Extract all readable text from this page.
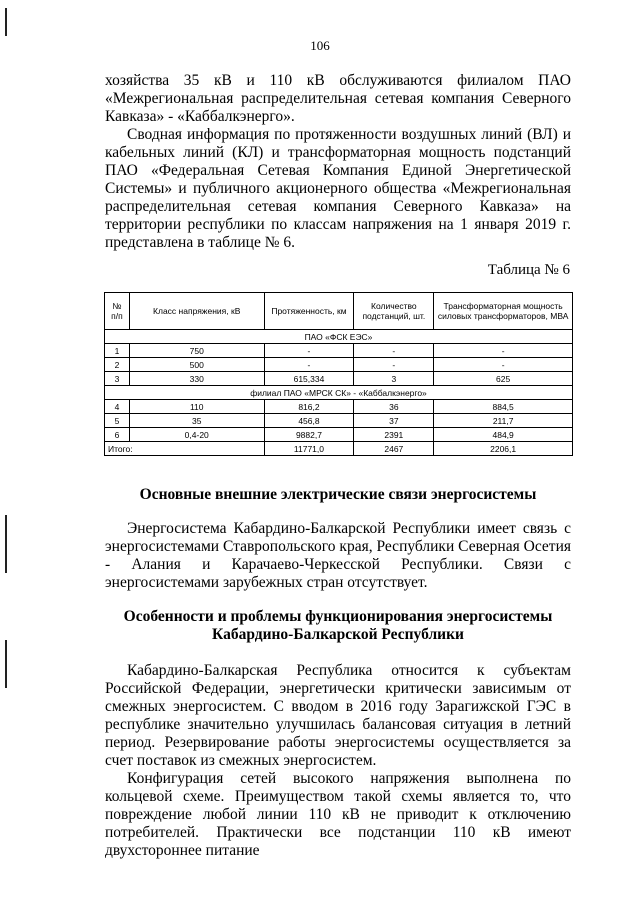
106

хозяйства 35 кВ и 110 кВ обслуживаются филиалом ПАО «Межрегиональная распределительная сетевая компания Северного Кавказа» - «Каббалкэнерго».

Сводная информация по протяженности воздушных линий (ВЛ) и кабельных линий (КЛ) и трансформаторная мощность подстанций ПАО «Федеральная Сетевая Компания Единой Энергетической Системы» и публичного акционерного общества «Межрегиональная распределительная сетевая компания Северного Кавказа» на территории республики по классам напряжения на 1 января 2019 г. представлена в таблице № 6.

Таблица № 6
№ п/п	Класс напряжения, кВ	Протяженность, км	Количество подстанций, шт.	Трансформаторная мощность силовых трансформаторов, МВА
ПАО «ФСК ЕЭС»				
1	750	-	-	-
2	500	-	-	-
3	330	615,334	3	625
филиал ПАО «МРСК СК» - «Каббалкэнерго»				
4	110	816,2	36	884,5
5	35	456,8	37	211,7
6	0,4-20	9882,7	2391	484,9
Итого:		11771,0	2467	2206,1
Основные внешние электрические связи энергосистемы

Энергосистема Кабардино-Балкарской Республики имеет связь с энергосистемами Ставропольского края, Республики Северная Осетия - Алания и Карачаево-Черкесской Республики. Связи с энергосистемами зарубежных стран отсутствует.

Особенности и проблемы функционирования энергосистемы
Кабардино-Балкарской Республики

Кабардино-Балкарская Республика относится к субъектам Российской Федерации, энергетически критически зависимым от смежных энергосистем. С вводом в 2016 году Зарагижской ГЭС в республике значительно улучшилась балансовая ситуация в летний период. Резервирование работы энергосистемы осуществляется за счет поставок из смежных энергосистем.

Конфигурация сетей высокого напряжения выполнена по кольцевой схеме. Преимуществом такой схемы является то, что повреждение любой линии 110 кВ не приводит к отключению потребителей. Практически все подстанции 110 кВ имеют двухстороннее питание
